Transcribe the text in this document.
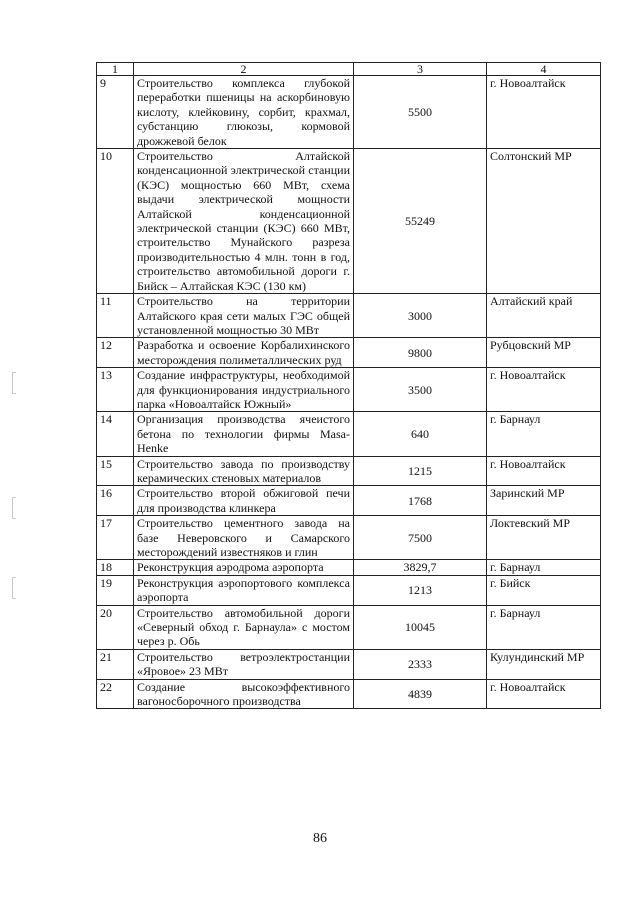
1	2	3	4
9	Строительство комплекса глубокой переработки пшеницы на аскорбиновую кислоту, клейковину, сорбит, крахмал, субстанцию глюкозы, кормовой дрожжевой белок	5500	г. Новоалтайск
10	Строительство Алтайской конденсационной электрической станции (КЭС) мощностью 660 МВт, схема выдачи электрической мощности Алтайской конденсационной электрической станции (КЭС) 660 МВт, строительство Мунайского разреза производительностью 4 млн. тонн в год, строительство автомобильной дороги г. Бийск – Алтайская КЭС (130 км)	55249	Солтонский МР
11	Строительство на территории Алтайского края сети малых ГЭС общей установленной мощностью 30 МВт	3000	Алтайский край
12	Разработка и освоение Корбалихинского месторождения полиметаллических руд	9800	Рубцовский МР
13	Создание инфраструктуры, необходимой для функционирования индустриального парка «Новоалтайск Южный»	3500	г. Новоалтайск
14	Организация производства ячеистого бетона по технологии фирмы Masa-Henke	640	г. Барнаул
15	Строительство завода по производству керамических стеновых материалов	1215	г. Новоалтайск
16	Строительство второй обжиговой печи для производства клинкера	1768	Заринский МР
17	Строительство цементного завода на базе Неверовского и Самарского месторождений известняков и глин	7500	Локтевский МР
18	Реконструкция аэродрома аэропорта	3829,7	г. Барнаул
19	Реконструкция аэропортового комплекса аэропорта	1213	г. Бийск
20	Строительство автомобильной дороги «Северный обход г. Барнаула» с мостом через р. Обь	10045	г. Барнаул
21	Строительство ветроэлектростанции «Яровое» 23 МВт	2333	Кулундинский МР
22	Создание высокоэффективного вагоносборочного производства	4839	г. Новоалтайск
86
